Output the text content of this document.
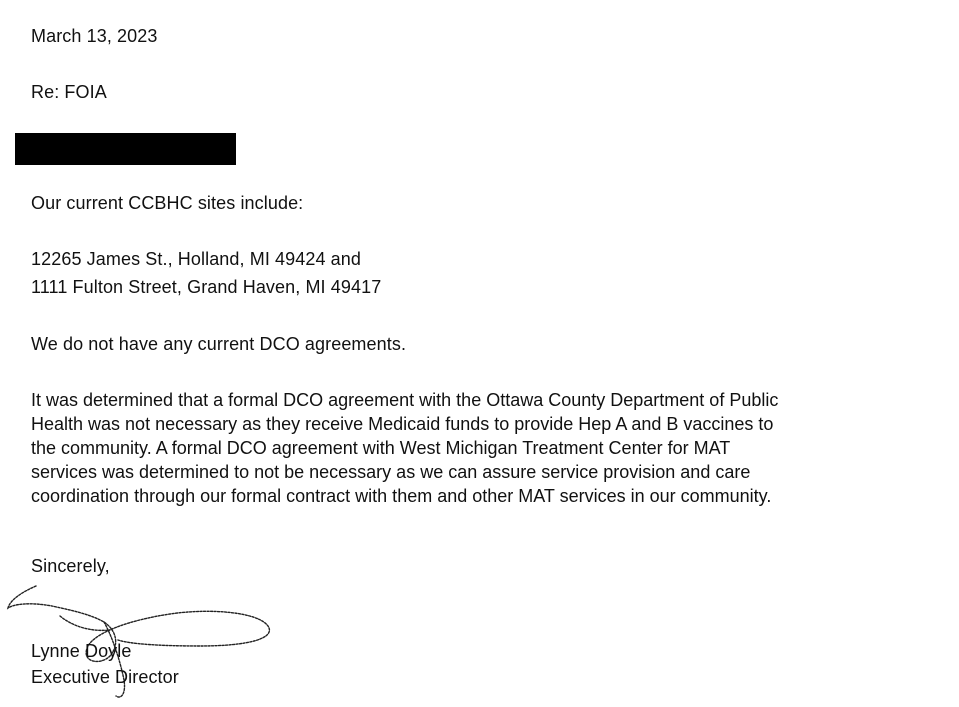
March 13, 2023
Re: FOIA
Our current CCBHC sites include:
12265 James St., Holland, MI 49424 and
1111 Fulton Street, Grand Haven, MI 49417
We do not have any current DCO agreements.
It was determined that a formal DCO agreement with the Ottawa County Department of Public
Health was not necessary as they receive Medicaid funds to provide Hep A and B vaccines to
the community. A formal DCO agreement with West Michigan Treatment Center for MAT
services was determined to not be necessary as we can assure service provision and care
coordination through our formal contract with them and other MAT services in our community.
Sincerely,
Lynne Doyle
Executive Director
